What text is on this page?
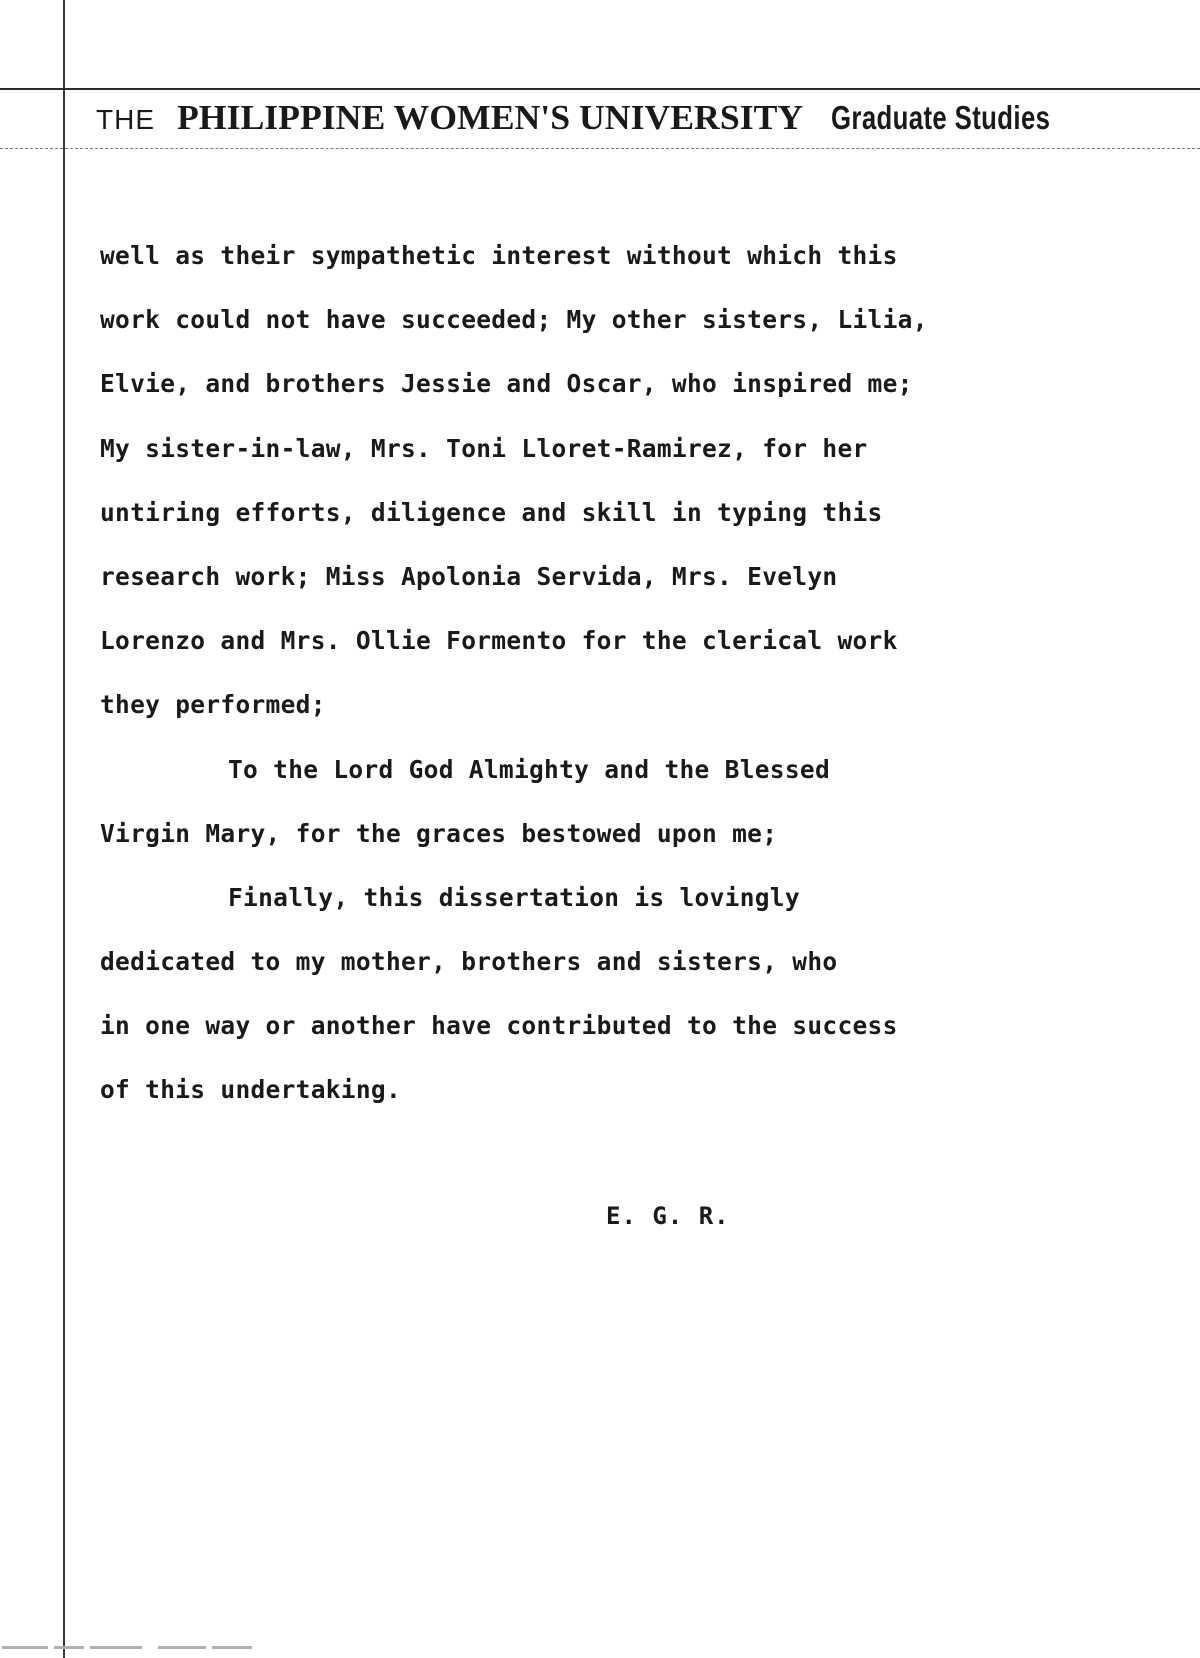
THE PHILIPPINE WOMEN'S UNIVERSITY Graduate Studies
well as their sympathetic interest without which this
work could not have succeeded; My other sisters, Lilia,
Elvie, and brothers Jessie and Oscar, who inspired me;
My sister-in-law, Mrs. Toni Lloret-Ramirez, for her
untiring efforts, diligence and skill in typing this
research work; Miss Apolonia Servida, Mrs. Evelyn
Lorenzo and Mrs. Ollie Formento for the clerical work
they performed;
To the Lord God Almighty and the Blessed
Virgin Mary, for the graces bestowed upon me;
Finally, this dissertation is lovingly
dedicated to my mother, brothers and sisters, who
in one way or another have contributed to the success
of this undertaking.
E. G. R.
